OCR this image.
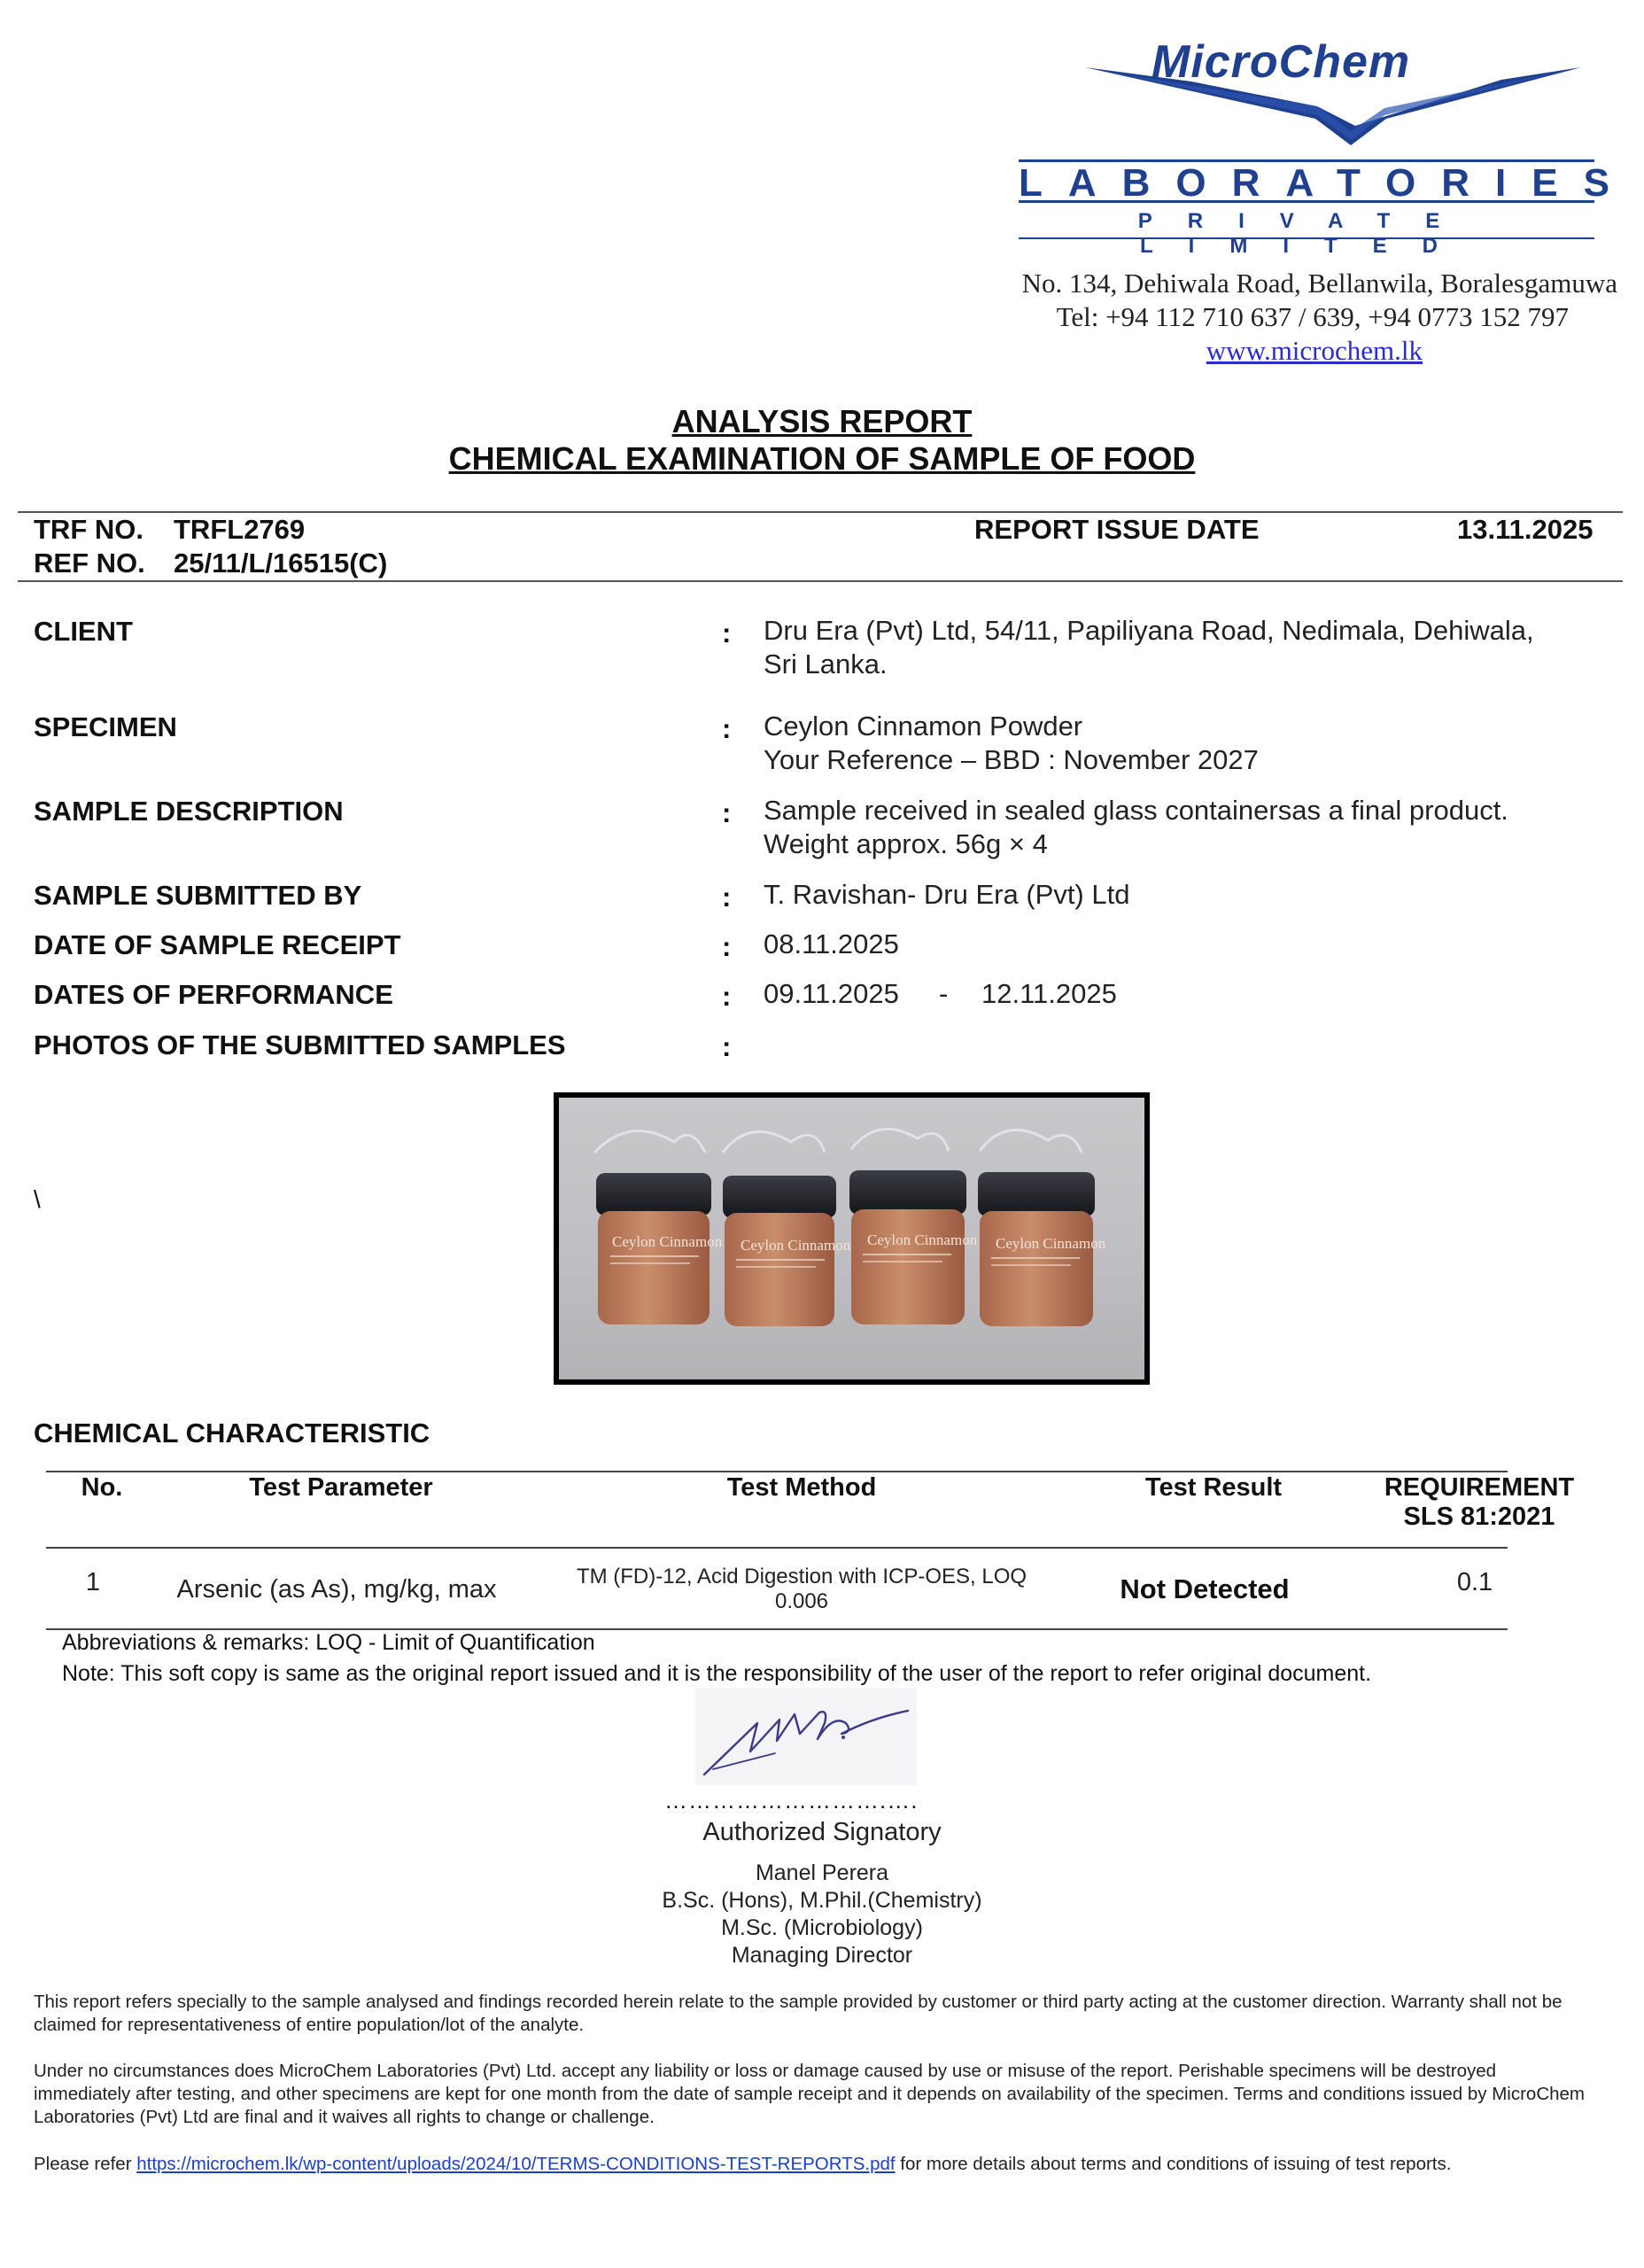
MicroChem
LABORATORIES
PRIVATE LIMITED
No. 134, Dehiwala Road, Bellanwila, Boralesgamuwa
Tel: +94 112 710 637 / 639, +94 0773 152 797
www.microchem.lk
ANALYSIS REPORT
CHEMICAL EXAMINATION OF SAMPLE OF FOOD
TRF NO. TRFL2769
REF NO. 25/11/L/16515(C)
REPORT ISSUE DATE	13.11.2025
CLIENT	: Dru Era (Pvt) Ltd, 54/11, Papiliyana Road, Nedimala, Dehiwala,
Sri Lanka.
SPECIMEN	: Ceylon Cinnamon Powder
Your Reference – BBD : November 2027
SAMPLE DESCRIPTION	: Sample received in sealed glass containersas a final product.
Weight approx. 56g × 4
SAMPLE SUBMITTED BY	: T. Ravishan- Dru Era (Pvt) Ltd
DATE OF SAMPLE RECEIPT	: 08.11.2025
DATES OF PERFORMANCE	: 09.11.2025 - 12.11.2025
PHOTOS OF THE SUBMITTED SAMPLES	:
\
Ceylon Cinnamon Ceylon Cinnamon Ceylon Cinnamon Ceylon Cinnamon
CHEMICAL CHARACTERISTIC
No.	Test Parameter	Test Method	Test Result	REQUIREMENT
SLS 81:2021
1	Arsenic (as As), mg/kg, max	TM (FD)-12, Acid Digestion with ICP-OES, LOQ
0.006	Not Detected	0.1
Abbreviations & remarks: LOQ - Limit of Quantification
Note: This soft copy is same as the original report issued and it is the responsibility of the user of the report to refer original document.
……………………….….
Authorized Signatory
Manel Perera
B.Sc. (Hons), M.Phil.(Chemistry)
M.Sc. (Microbiology)
Managing Director
This report refers specially to the sample analysed and findings recorded herein relate to the sample provided by customer or third party acting at the customer direction. Warranty shall not be claimed for representativeness of entire population/lot of the analyte.
Under no circumstances does MicroChem Laboratories (Pvt) Ltd. accept any liability or loss or damage caused by use or misuse of the report. Perishable specimens will be destroyed immediately after testing, and other specimens are kept for one month from the date of sample receipt and it depends on availability of the specimen. Terms and conditions issued by MicroChem Laboratories (Pvt) Ltd are final and it waives all rights to change or challenge.
Please refer https://microchem.lk/wp-content/uploads/2024/10/TERMS-CONDITIONS-TEST-REPORTS.pdf for more details about terms and conditions of issuing of test reports.
